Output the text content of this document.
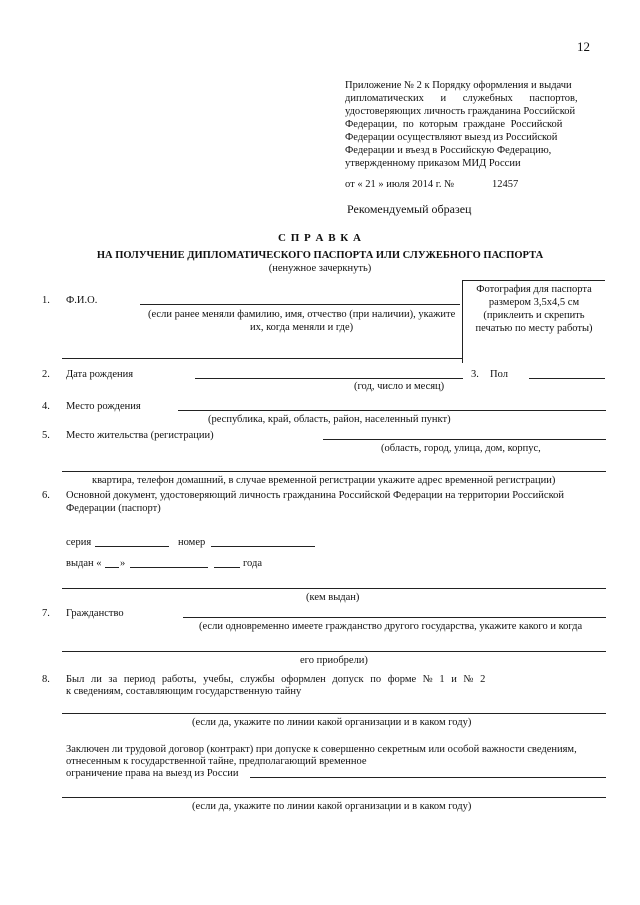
12
Приложение № 2 к Порядку оформления и выдачи
дипломатических и служебных паспортов,
удостоверяющих личность гражданина Российской
Федерации, по которым граждане Российской
Федерации осуществляют выезд из Российской
Федерации и въезд в Российскую Федерацию,
утвержденному приказом МИД России
от « 21 » июля 2014 г. №	12457
Рекомендуемый образец
С П Р А В К А
НА ПОЛУЧЕНИЕ ДИПЛОМАТИЧЕСКОГО ПАСПОРТА ИЛИ СЛУЖЕБНОГО ПАСПОРТА
(ненужное зачеркнуть)
Фотография для паспорта
размером 3,5х4,5 см
(приклеить и скрепить
печатью по месту работы)
1. Ф.И.О.
(если ранее меняли фамилию, имя, отчество (при наличии), укажите
их, когда меняли и где)
2. Дата рождения
(год, число и месяц)
3. Пол
4. Место рождения
(республика, край, область, район, населенный пункт)
5. Место жительства (регистрации)
(область, город, улица, дом, корпус,
квартира, телефон домашний, в случае временной регистрации укажите адрес временной регистрации)
6. Основной документ, удостоверяющий личность гражданина Российской Федерации на территории Российской
Федерации (паспорт)
серия	номер
выдан « »	года
(кем выдан)
7. Гражданство
(если одновременно имеете гражданство другого государства, укажите какого и когда
его приобрели)
8. Был ли за период работы, учебы, службы оформлен допуск по форме № 1 и № 2
к сведениям, составляющим государственную тайну
(если да, укажите по линии какой организации и в каком году)
Заключен ли трудовой договор (контракт) при допуске к совершенно секретным или особой важности сведениям,
отнесенным к государственной тайне, предполагающий временное
ограничение права на выезд из России
(если да, укажите по линии какой организации и в каком году)
